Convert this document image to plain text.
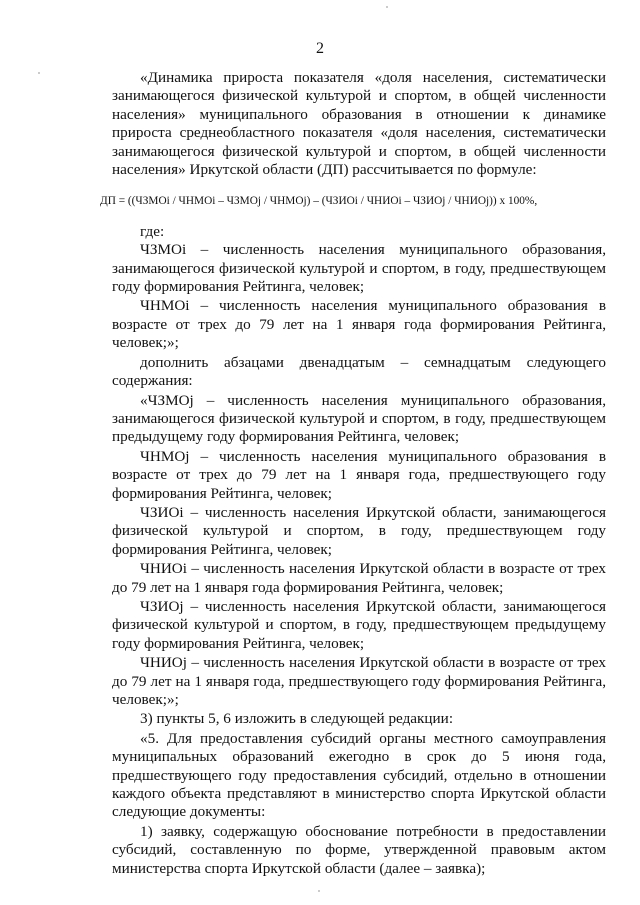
2

«Динамика прироста показателя «доля населения, систематически занимающегося физической культурой и спортом, в общей численности населения» муниципального образования в отношении к динамике прироста среднеобластного показателя «доля населения, систематически занимающегося физической культурой и спортом, в общей численности населения» Иркутской области (ДП) рассчитывается по формуле:

ДП = ((ЧЗМОi / ЧНМОi – ЧЗМОj / ЧНМОj) – (ЧЗИОi / ЧНИОi – ЧЗИОj / ЧНИОj)) х 100%,

где:

ЧЗМОi – численность населения муниципального образования, занимающегося физической культурой и спортом, в году, предшествующем году формирования Рейтинга, человек;

ЧНМОi – численность населения муниципального образования в возрасте от трех до 79 лет на 1 января года формирования Рейтинга, человек;»;

дополнить абзацами двенадцатым – семнадцатым следующего содержания:

«ЧЗМОj – численность населения муниципального образования, занимающегося физической культурой и спортом, в году, предшествующем предыдущему году формирования Рейтинга, человек;

ЧНМОj – численность населения муниципального образования в возрасте от трех до 79 лет на 1 января года, предшествующего году формирования Рейтинга, человек;

ЧЗИОi – численность населения Иркутской области, занимающегося физической культурой и спортом, в году, предшествующем году формирования Рейтинга, человек;

ЧНИОi – численность населения Иркутской области в возрасте от трех до 79 лет на 1 января года формирования Рейтинга, человек;

ЧЗИОj – численность населения Иркутской области, занимающегося физической культурой и спортом, в году, предшествующем предыдущему году формирования Рейтинга, человек;

ЧНИОj – численность населения Иркутской области в возрасте от трех до 79 лет на 1 января года, предшествующего году формирования Рейтинга, человек;»;

3) пункты 5, 6 изложить в следующей редакции:

«5. Для предоставления субсидий органы местного самоуправления муниципальных образований ежегодно в срок до 5 июня года, предшествующего году предоставления субсидий, отдельно в отношении каждого объекта представляют в министерство спорта Иркутской области следующие документы:

1) заявку, содержащую обоснование потребности в предоставлении субсидий, составленную по форме, утвержденной правовым актом министерства спорта Иркутской области (далее – заявка);
